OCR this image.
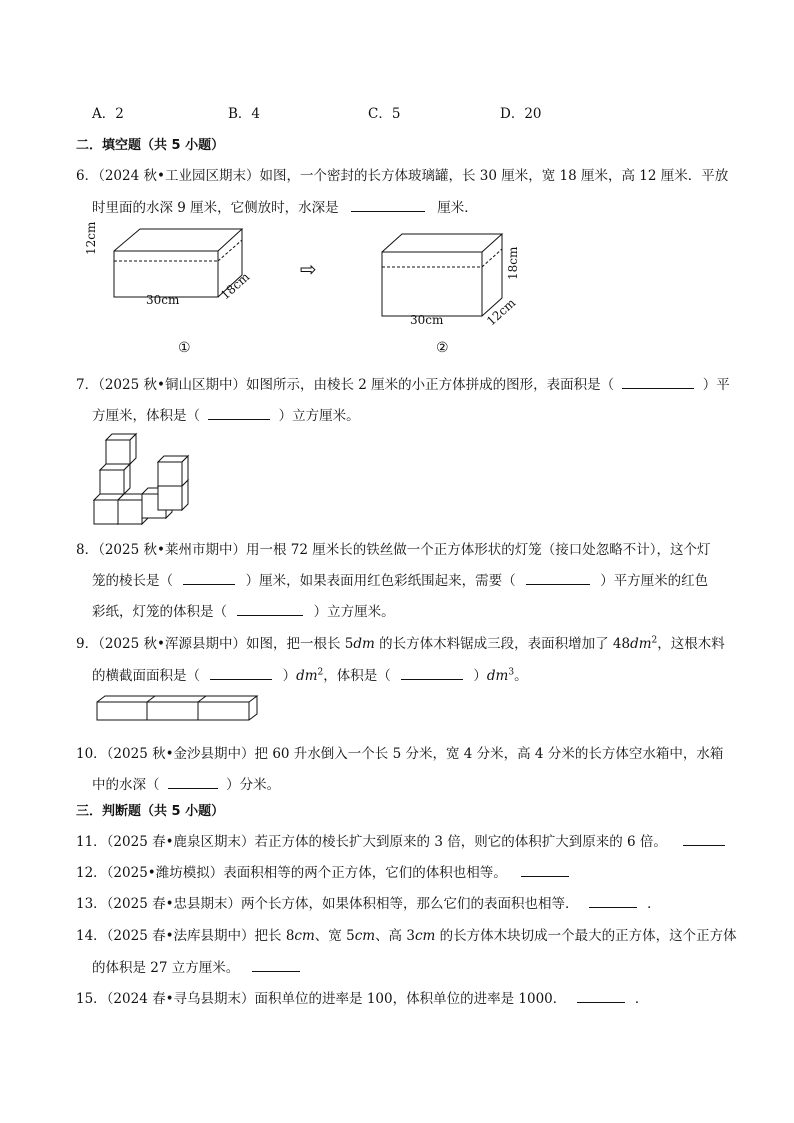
A．2	B．4	C．5	D．20
二．填空题（共 5 小题）
6．（2024 秋•工业园区期末）如图，一个密封的长方体玻璃罐，长 30 厘米，宽 18 厘米，高 12 厘米．平放
时里面的水深 9 厘米，它侧放时，水深是	厘米．
12cm
30cm	18cm
①
⇨	18cm
30cm	12cm
②
7．（2025 秋•铜山区期中）如图所示，由棱长 2 厘米的小正方体拼成的图形，表面积是（	）平
方厘米，体积是（	）立方厘米。
8．（2025 秋•莱州市期中）用一根 72 厘米长的铁丝做一个正方体形状的灯笼（接口处忽略不计），这个灯
笼的棱长是（	）厘米，如果表面用红色彩纸围起来，需要（	）平方厘米的红色
彩纸，灯笼的体积是（	）立方厘米。
9．（2025 秋•浑源县期中）如图，把一根长 5dm 的长方体木料锯成三段，表面积增加了 $48dm^2$，这根木料
的横截面面积是（	）$dm^2$，体积是（	）$dm^3$。
10．（2025 秋•金沙县期中）把 60 升水倒入一个长 5 分米，宽 4 分米，高 4 分米的长方体空水箱中，水箱
中的水深（	）分米。
三．判断题（共 5 小题）
11．（2025 春•鹿泉区期末）若正方体的棱长扩大到原来的 3 倍，则它的体积扩大到原来的 6 倍。
12．（2025•潍坊模拟）表面积相等的两个正方体，它们的体积也相等。
13．（2025 春•忠县期末）两个长方体，如果体积相等，那么它们的表面积也相等．	．
14．（2025 春•法库县期中）把长 8cm、宽 5cm、高 3cm 的长方体木块切成一个最大的正方体，这个正方体
的体积是 27 立方厘米。
15．（2024 春•寻乌县期末）面积单位的进率是 100，体积单位的进率是 1000．	．
